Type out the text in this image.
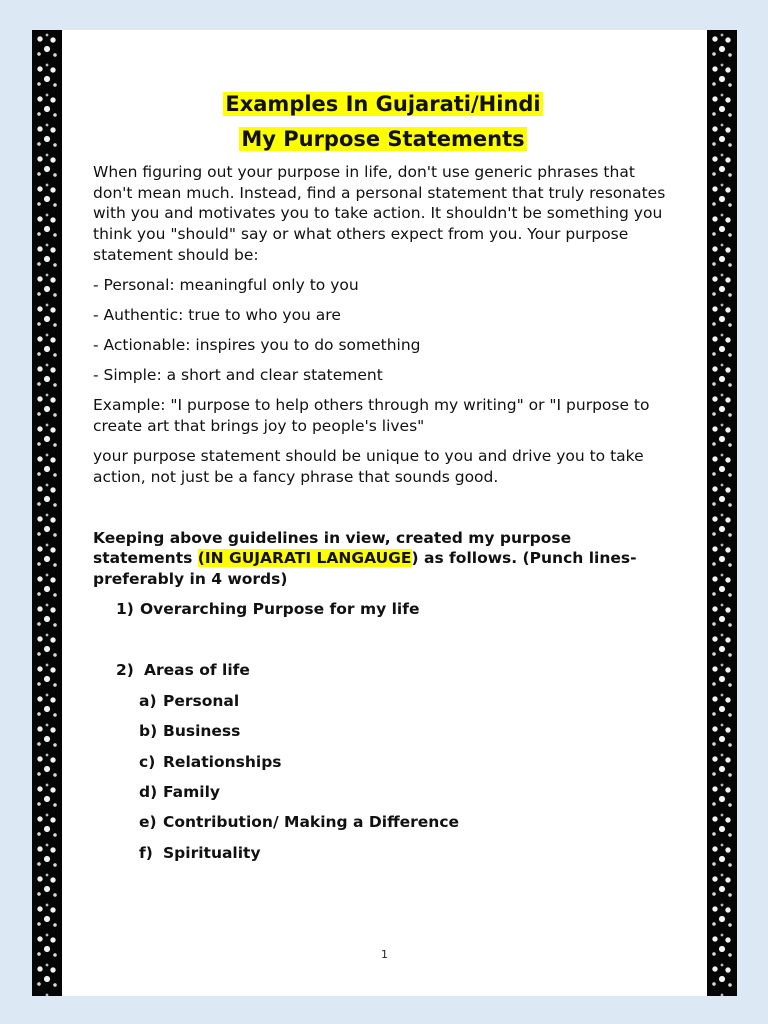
Examples In Gujarati/Hindi
My Purpose Statements

When figuring out your purpose in life, don't use generic phrases that don't mean much. Instead, find a personal statement that truly resonates with you and motivates you to take action. It shouldn't be something you think you "should" say or what others expect from you. Your purpose statement should be:

- Personal: meaningful only to you

- Authentic: true to who you are

- Actionable: inspires you to do something

- Simple: a short and clear statement

Example: "I purpose to help others through my writing" or "I purpose to create art that brings joy to people's lives"

your purpose statement should be unique to you and drive you to take action, not just be a fancy phrase that sounds good.

Keeping above guidelines in view, created my purpose statements (IN GUJARATI LANGAUGE) as follows. (Punch lines- preferably in 4 words)

1) Overarching Purpose for my life
2) Areas of life
a) Personal
b) Business
c) Relationships
d) Family
e) Contribution/ Making a Difference
f) Spirituality
1
